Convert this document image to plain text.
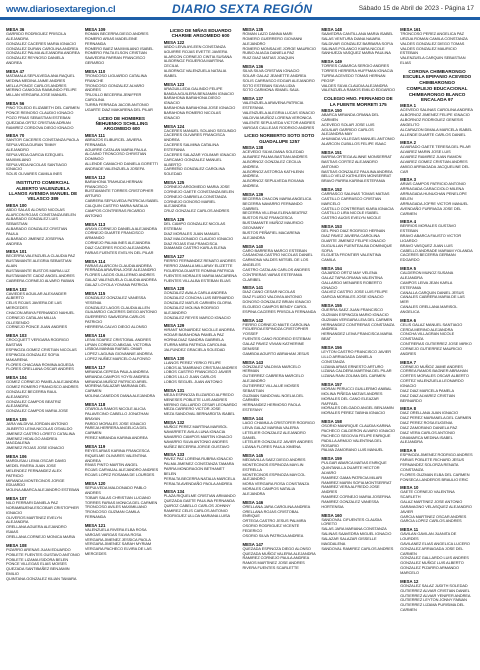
www.diariosextaregion.cl	DIARIO SEXTA REGIÓN	Sábado 15 de Abril de 2023 - Página 17
MESA 36
GARRIDO RODRIGUEZ PRISCILA ALEJANDRA
GONZALEZ CACERES MARIA IGNACIO
GONZALEZ DURAN CAROLINA ANDREA
GONZALEZ PALMA ALEJANDRA ANDREA
GONZALEZ REYNOSO DANIELA ANDREA
MESA 47
MATAMALA SEPULVEDA ANA RAQUEL
MEDINA MEDINA JAIME ANDRES
MELLA PONCE CARLOS ANDRES
MERINO CANIGGIA RAIMUNDO FELIPE
MILLAN VERGARA JOSE MANUEL
MESA 56
PINO TOLEDO ELIZABETH DEL CARMEN
PONCE REINOSO CLAUDIO IGNACIO
POZO FRIAS SEBASTIAN ESTEBAN
QUEZADA ORTIZ CRISTIAN ADRIAN
RAMIREZ CORDOVA DIEGO IGNACIO
MESA 70
SANTOR CACERES CONSTANZA PAOLA
SEPULVEDA DURAN TIMMY ALEJANDRO
SEPULVEDA GARCIA EZEQUIEL MAXIMILIANO
SEPULVEDA NICOLAS SANTIAGO IGNACIO
SOLIS OLIVARES CAMILA INES
INSTITUTO COMERCIAL ALBERTO VALENZUELA LLANOS AVENIDA MANUEL DE VELASCO 389
MESA 100
ABDO SALAS ALONSO NICOLAS
ALARCON ROJAS CONSTANZA BELEN
ALBARADO GONZALEZ LUIS SEBASTIAN
ALBARADO GONZALEZ CRISTIAN PAULA
ALBARADO JIMENEZ JOSEFINA ANDREA
MESA 101
BECERRA VALENZUELA CLAUDIA PAZ
BUSTAMANTE ALEGRIA SEBASTIAN ALAIN
BUSTAMANTE BUSTOS MARIA LUZ
BUSTAMANTE CADIZ ANGEL ANDRES
CABRERA CORNEJO ALVARO FABIAN
MESA 102
CAVIEDES AGUILAR ALEXANDER ALBERTO
CELIS ROJAS JAVIERA DE LAS MERCEDES
CHACON ARAYA FERNANDO NAHUEL
CORNEJO CATALAN MILLIA OLLESENDO
CORNEJO PONCE JUAN ANDRES
MESA 103
CROCQUETT VERGARA RODRIGO BASTIAN
ESPINOZA GOMEZ CRISTIAN NICOLAS
ESPINOZA GONZALEZ SOFIA MAKARENA
FLORES CHACANA ROMINA AGUEDA
FLORES ORELLANA OSCAR ANDRES
MESA 104
GOMEZ CORNEJO PAMELA ALEJANDRA
GOMEZ ROMERO FRANCISCO ANDRES
GONZALEZ BECERRA RAUL ALEJANDRO
GONZALEZ CAMPOS BEATRIZ ALEJANDRA
GONZALEZ CAMPOS MARIA JOSE
MESA 105
JARA VALDIVIA JORDAN ANTONIO
JILBERTO LEIVA NICOLAS OSVALDO
JIMENEZ CASTRO LORETO CATALINA
JIMENEZ HIDALGO ANDREA MAGDALENA
JIMENEZ ROJAS JOSE IGNACIO
MESA 106
MARDUSAU LEMA OSCAR DAVID
MEDEL RIVERA JUAN JOSE
MELENDEZ FERNANDEZ ALEX PATRICIO
MIRANDA MONTECINOS JORGE EDUARDO
MOLINA ABARCA ALEJANDRO ESTEBAN
MESA 107
NILO FERRARI DANIELA PAZ
NORAMBUENA ESCOBAR CRISTOPHER IGNACIO
OLIVEROS MARTINEZ EVELYN ALEJANDRA
ORELLANA AGUERA ALEJANDRO ISAIAS
ORELLANA CORNEJO MONICA MARIA
MESA 108
PIZARRO ARENAS JUAN EDUARDO
POBLETE FUENTES GUSTAVO ANTONIO
POBLETE LIZAMA ISIDORA BELEN
PONCE VILLEGAS ELIAS MOISES
QUEZADA SANTIBAÑEZ BENJAMIN EMILIO
QUINTANA GONZALEZ KILIAN TAMARA
MESA 109
ROMAN BECERRA DIEGO ANDRES
ROMERO ARIAS MADELEINE FERNANDA
ROMERO BAEZ MAXIMILIANO ISABEL
ROMERO PALTA ELSON CRISTIAN
SAAVEDRA PARRAN FRANCISCO GERARDO
MESA 110
TRONCOSO LIGUARDO CATALINA FRANCHE
TRONCOSO GONZALEZ ALVARO ANDRES
TRUJILLO BECERRA JENIFFER CAROLINA
TURRA FERRADA JACOB ANTONIO
UGARTE DIAZ MAKARENA DEL PILAR
LICEO DE HOMBRES ÑEHUENKO SCHILLING ARGOMEDO 600
MESA 111
ABRAZOS ELIBURCEL JAVIERA FERNANDA
AGUIRRE CATALAN MARIA PAULA
ALCAINO TRONCOSO CHRISTIAN DOMINGO
ALLENDE CAMACHO DANIELA GORETTI
ANDRADE VALENZUELA JOSEFA
MESA 112
BARAHONA TRAHUDA HERNAN FRANCISCO
BUSTAMANTE TORRES CRISTOPHER ARTURO
CABRERA SEPULVEDA PATRICIA ISABEL
CALQUIN CASTRO MARIA NATALIA
CAMPOS CONTRERAS RICARDO ANTONIO
MESA 113
ARAYA CORNEJO DANIELA ALEJANDRA
CORNEJO DUARTE FRANCISCO ARMANDO
CORNEJO PALMA INES ALEJANDRA
DIAZ CACERES ROCIO ALEJANDRA
FARIAS FUENTES EVELYN DEL PILAR
MESA 114
FARIAS ALARCON CLAUDIA ANDREA
FERRADA ARAVENA JOSE ALEJANDRO
FLORES LAGOS GUILLERMO ANDRES
GALAZ VALENZUELA CLAUDIA ANDREA
GALAZ LOYOLA YOVANA PATRICIA
MESA 115
GONZALEZ GONZALEZ VANESSA YESENIA
GONZALEZ LAGOS CLAUDIA ALLEN
GUAJARDO CACERES DIEGO ANTONIO
GUERRERO SAAVEDRA CARLOS PATRICIO
HERRERA CALVO DIEGO ALONSO
MESA 116
LEIVA SOAREZ CRISTOBAL ANDRES
LIPIAN CORNEJO ABIGAIL VICTORIA
LISBOA MANNIA RAFAEL OMAR
LOPEZ LAGUNA GIOVANNIE ANDREA
LOPEZ NUÑEZ MARCELO ALFONSO
MESA 117
MIRANDA CEPEDA PAULA ANDREA
MIRANDA CAMPOS YOYSI ANDREA
MIRANDA MUÑOZ PATRICIO ARIEL
MORENA SALAZAR MARIANA DEL CARMEN
MOLINA CANEDOS DIANA ALEJANDRA
MESA 118
OTAROLA RAMOS NICOLE ALICIA
PALAVECINO CABELLO JONATHAN BRAYAN
PARDO MORALES JOSE IGNACIO
PAREJA HERRERA ANGELICA DEL CARMEN
PEREZ MIRANDA KARINA ANDREA
MESA 119
REYES ARIAS KARINA FRANCESCA
RIQUELME OLIVARES VALENTINA ANDREA
RIVAS PINTO MARTIN ANGEL
ROJAS CARVAJAL ALEJANDRO ANDRES
ROJAS LOPEZ ROSAMA DE LOURDES
MESA 120
SEPULVEDA MALDONADO PABLO ANDRES
TOBAR SALAS CHRISTIAN LUCIANO
TORRES FARIAS MONICA DEL CARMEN
TRONCOSO AVILES MAXIMILIANO
TRONCOSO GUZMAN CAMILA FERNANDA
MESA 121
VALENZUELA RIVERA ELBA ROSA
VARGAS VARGAS SILVIA ROSA
VERGARA JIMENEZ JESSICA PAOLA
VERGARA JIMENEZ SARAH MYRIAM
VERGARA PACHECO ELVIRA DE LAS MERCEDES
LICEO DE NIÑAS EDUARDO CHARME ARGOMEDO 600
MESA 122
ABDO LEIVA AYLEEN CONSTANZA
AGUIRRE ROJAS EVETTE JAVIERA
ALARCON CORNEJO CINTIA SUSANA
ALBORNOZ FIGUEROA MARTINA CECILIA
ALBORNOZ VALENZUELA NATALIA ISABEL
MESA 123
ARAGUILLEDA GALINDO FELIPE
BANDA AGUILERA BENJAMIN IGNACIO
BARAHONA BARAHONA DIEGO IGNACIO
BARAHONA BARAHONA JOSE IGNACIO
BARAHONA ROMERO NICOLAS IGNACIO
MESA 124
CACERES MANUEL SOLANO SEGUNDO
CACERES OLIVARES FRANCISCA ANDREA
CACERES SALMINA CATALINA ESTEFANIA
CACERES SALAZAR YOLIMAR IGNACIO
CARCAMO GONZALEZ MANUEL ALBERTO
CARREÑO GONZALEZ CAROLINA SOLEDAD
MESA 125
CORNEJO ARGOMEDO MARIA JOSE
CORNEJO GAETE CONSTANZA BELEN
CORNEJO GABRIELA CONSTANZA
CORNEJO DONOSO MARIEL ALEJANDRA
CRUZ GONZALEZ CARLOS ANDRES
MESA 126
DEL CAMPO GONZALEZ NICOLAS ESTEBAN
DIAZ MORALES JUAN MANUEL
DIAZ MALDONADO CLAUDIO IGNACIO
DIAZ ROJAS EVA FRANCISCA
DIAMANDI CASTRO KARLA ELENA
MESA 127
FIERRO FERNANDEZ RENATO ANDRES
FIERRO ZAMALA MILLARAY ELIZETTE
FIGUEROA DUARTE ROMINA PATRICIA
FUENTES MORALES MARIA MACARENA
FUENTES VILLALBA ESTEBAN ELIAS
MESA 128
GONZALEZ AVALA CARLA ANDREA
GONZALEZ CONCHA LUIS BERNARDO
GONZALEZ MATUS CARMEN GLORIA
GONZALEZ MOLINA RODRIGO ALEJANDRO
GONZALEZ REYES MARCO IGNACIO
MESA 129
HIRANT MONARDEZ NICOLLE ANDREA
HODAR BARAHONA PAMELA PAZ
HORNA DIAZ SANDRA GABRIELA
ITURRA MIRA PATRICIA CAROLINA
JALFUNDEZ GRACIELA SOLEDAD
MESA 130
LLANOS PEREZ YERKO FELIPE
LOBOS ALTAMIRANO CRISTIAN ANDRES
LOBOS CASTRO FRANCISCO JAVIER
LOBOS LILLO JUAN CARLOS
LOBOS SEGUEL JUAN ANTONIO
MESA 131
MEJIA ESPINOZA ELIZARDO ALFREDO
MENESES POBLETE LUIS ANDRES
MERINO GALLARDO CESAR LEONARDO
MEZA CARRERO VICTOR JOSE
MEZA SANDOVAL BERNARDITA ISABEL
MESA 132
MUÑOZ PEREZ MARTINA MARISOL
NAVARRETE AVILA LUNA IGNACIA
NAVARRO CAMPOS MARTIN IGNACIO
NAVARRO SILVA ANTONIO ANDRES
NUÑEZ BECERRA JORGE GUSTAVO
MESA 133
PAVEZ PAZ LORENA RUBRIA IGNACIO
PALMA JIMENEZ CONSTANZA TAMARA
PARRA MONDRAGON BETHANET BELEN
PERALTA BECERRA NATALIA MARCELA
PERALTA AVENDAÑO PAOLA ANDREA
MESA 134
PLAZA RIQUELME CRISTIAN ARMANDO
QUEZADA GAETE PAULINA FERNANDA
QUIROZ CABELLO CARLOS JOHNNY
RAMIREZ CELIS CARLOS ANTONIO
RODRIGUEZ ULLOA MARIANA LUISA
MESA 135
ROMAN LAZO DANNA MARI
ROMERO GUERRERO GIOVANNI ALEJANDRO
ROMERO MONSALVE JORGE MAURICIO
RUBIO ALIAGA DANIELA PAZ
RUIZ DIAZ MATIAS JOAQUIN
MESA 136
SILVA SILVA CRISTIAN IGNACIO
SOLAR GALAZ JEANETTE ANDREA
SOLIS CARRASCO EDGAR ALEJANDRO
SOTO ESTEBAN SILVIA LIDIA
SOTO CARMONA ISMAEL SAUL
MESA 137
VALENZUELA ARAVENA PATRICIA ESTEFANIA
VALENZUELA ALEGRIA LUCAS IGNACIO
VALDIVIA MUÑOZ LORENA VERONICA
VALENTE SEPULVEDA VICTOR ANDRES
VARGAS CALLEJAS RODRIGO ANDRES
LICEO NORBERTO SOTO SOTO GUADALUPE 1257
MESA 138
ACEVEDO SILVA DIANA SOLEDAD
ALBAREZ PALMA BASTIAN ANDRES
ALBORNOZ GONZALEZ CECILIA ANDREA
ALBORNOZ ASTORGA KATHLENN ANDREA
ALBORNOZ SEPULVEDA ROXANA ANDREA
MESA 139
BECERRA CHACON MARIA ANGELICA
BECERRA NAVARRO FERNANDO GABRIEL
BECERRA VILLENA ELENA BEATRIZ
BUSTOS RUIZ FRANCESCA
BUSTAMANTE MUÑOZ MAURICIO GEOVANNY
BUSTOS PEÑAFIEL MACARENA ALEJANDRA
MESA 140
CARO BARRERA MARCO ESTEBAN
CASANOVA CASTRO NICOLAS DANIEL
CARMONA VALDES MITSIEL DE LOS ANGELES
CASTRO CATALAN CARLOS ANDRES
CONTRERAS VARAS ESTEFANIA CLARIBEL
MESA 141
DIAZ CANO CESAR NICOLAS
DIAZ FLUIDO VALDIVIA ANTONIO
DONOSO GONZALEZ BRIAN IGNACIO
ELGUEDO CAMPOS BENDY CAROL
ESPINA CACERES PRISCILA FERNANDA
MESA 142
FIERRO CORNEJO MAITE CAROLINA
FIGUEROA ESPINOZA CRISTOPHER YOSSEF
FUENTES CANO RODRIGO ESTEBAN
GALAZ PAVEZ VIVIAN KATHERINE DENISSE
GAMBOA AGURTO ABRAHAM JESUS
MESA 143
GONZALEZ VALDIVIA MARCELO HERMAN
GUTIERREZ CABRERA MARCELO ALEJANDRO
GUTIERREZ VILLALUE MOISES SEBASTIAN
GUZMAN SANDOVAL NOELIA DEL CARMEN
HERNANDEZ HERMOSO PAOLA ESTEFANY
MESA 144
LAGO CHAMULA CRISTOFER RODRIGO
LEIVA GALAZ MARINA VALERIA
LETELIER GONZALEZ ALEJANDRO DANIEL
LETELIER GONZALEZ JAVIER ANDRES
LIZANA FLORES PAULA XIMENA
MESA 145
MEDIAVILLA SAEZ DIEGO ANDRES
MONTECINOS ESPINOZA MAYLIN ESTRELLA
MONTECINOS ESPINOZA MAYCOL ALEJANDRO
MORA VERGARA ROSA CONSTANZA
MORALES CAMPOS NATALIA ALEJANDRA
MESA 146
ORELLANA JARA CAROLINA ANDREA
ORELLANA ROJAS CRISTOBAL ENRIQUE
ORTEGA CASTRO JESUS PALMIRA
OSORIO RODRIGUEZ VICENTE FEDERICO
OSORIO SILVA PATRICIA ANDREA
MESA 147
QUEZADA ESPINOZA DIEGO ALONSO
QUEZADA MUÑOZ VALERIA ALEJANDRA
RAMIREZ CORNEJO PAULA ANDREA
RAMOS MARTINEZ JOSE ANDRES
RIVERA FUENTES SCARLETTE
MESA 148
SAAVEDRA CANTILLANA MARIA ISABEL
SALAS VENTURA DIANA NAIARA
SALDIVAR GONZALEZ BARBARA SOFIA
SALINAS POLANCO KIARA NICOLE
SANHUEZA VASQUEZ MARIA PAULINA
MESA 149
TORRES CABARCA SERGIO ANDRES
TORRES HERRERA HUFFMAN IGNACIA
TURRA ACEVEDO TOMAS HERNAN PEGSP
VALDES SILVA CLAUDIA ALEJANDRA
VALENZUELA RAMOS EMILIO EDGARDO
COLEGIO HNO. FERNANDO DE LA FUENTE MORRETI 175
MESA 150
ABARCA MIRANDA ORIANA DEL CARMEN
ACEVEDO SOLAR JOSE LUIS
AGUILAR GARRIDO CARLOS ALEJANDRA MAY
AHUMADA VILLEGAS MANUEL ANTONIO
ALARCON CUBILLOS FELIPE ISAAC
MESA 151
BARRIA ORTEGA ALINNE MONSERRAT
BASTIAS CORTEZ ALEJANDRO ANTONIO
BASTIAS GONZALEZ PAULINA ANDREA
BELLO VELIZ KATHLEEN MONSERRAT
BRAVO PARRA KARINA ESTEFANIA
MESA 152
CARRASCO SALINAS TOMAS MATIAS
CASTILLO CARRASCO CRISTIAN MARCELO
CASTILLO CONTRERAS KIARA IGNACIA
CASTILLO LIRA NICOLE ISABEL
CASTRO AUGIS EVELYN NICOLE
MESA 153
DEL PINO DIAZ RODRIGO HERNAN
DIAZ PAVEZ JAVIERA CAROLINA
DUARTE JIMENEZ FELIPE IGNACIO
DUGUILLAN FUENTEALBA DOMINIQUE SOFIA
ELGUETA FRONTIER VALENTINA CAMILA
MESA 154
GAJARDO ORTIZ MAY VELENA
GALAZ TAPIA ORIANA VALENTINA
GALLARDO MENARES ROBERTO IGNACIO
GALVEZ CASTRO JOSE LUIS FELIPE
GARCIA MORALES JOSE IGNACIO
MESA 155
GUERRA SAEZ JUAN FRANCISCO
GUZMAN ESPINOZA MARIO IGNACIO
GUZMAN VERGARA LEIA DEL CARMEN
HERNANDEZ CONTRERAS CONSTANZA ANDREA
HERNANDEZ LEIVA FRANCISCA MARIA BEAT
MESA 156
LEYTON CASTRO FRANCISCO JAVIER
LILLO ARRIAGADA DANIELA CONSTANZA
LIZAMA ARIAS ERNESTO ARTURO
LIZANA CALDERA MARTINA DEL PILAR
LIZANA RAIN ZOLIMA DEL CARMEN
MESA 157
MORAN PERUCCI GUILLERMO ANIBAL
MOLINA PIÑEDA MATIAS ANDRES
MORALES DEL CANO ELEAZAR RAFFAEL
MORALES DELGADO ANGEL BENJAMIN
MORALES PEREZ TABIHA IGNACIO
MESA 158
OSORIO MANRIQUE CLAUDIA KARINA
PACHECO CALDERON ALVARO IGNACIO
PACHECO SEGOVIA FELIPE ENRIQUE
PADILLA ARMIJO VALENTINA DEL ROSARIO
PALMA ZAMORANO LUIS MANUEL
MESA 159
PULGAR ABARCA MATIAS ENRIQUE
QUINTANILLA DUARTE HECTOR ALVARO
RAMIREZ GAMA PATRICIA MILARI
RAMIREZ MARIN SOFIA MONTSERRAT
RAMIREZ VERA ALFREDO JOSE ANDRES
RAMIREZ CORNEJO MARIA JOSEFINA
RAMIREZ GONZALEZ VANESSA HORTENSIA
MESA 160
SANDOVAL CIFUENTES CLAUDIA LORETO
SALAS JARA MARIANA CONSTANZA
SALINAS SAAVEDRA MIGUEL IGNACIO
SALAZAR SALAZAR GISSELLE MAGDALENA
SANDOVAL RAMIREZ CARLOS ANDRES
MESA 161
TRONCOSO PEREZ ANGELICA PAZ
URZUA ROMAN CAMILA CONSTANZA
VALDES GONZALEZ DIEGO TOMAS
VALDES GONZALEZ MAURICIO ESTEBAN
VALENZUELA CARQUIN SEBASTIAN ELIAS
CORONA CHIMBARONGO ESCUELA EPIFANIO ACEVEDO CHIMBARONGO
COMPLEJO EDUCACIONAL CHIMBARONGO BLANCO ENCALADA 97
MESA 1
ACEVEDO SALINAS CAROLINA ANDREA
ALBORNOZ JIMENEZ FELIPE IGNACIO
ALBORNOZ RODRIGUEZ GENESIS ANGELITO
ALCARAZON DIMALA MARCELA ISABEL
ALLENDE DUARTE CARLOS DANIEL
MESA 2
ALVARADO GAETE TERESA DEL PILAR
ALVAREZ MARIN JOSE LUIS
ALVAREZ RAMIREZ JUAN RAMON
ALVAREZ GOMEZ CRISTIAN ANDRES
AMIGO ARRIAGADA JACQUELINE DEL CAR
MESA 3
ARIAS CAMPOS PATRICIO ANTONIO
ARRIAGADA CARACCIOLO MILENA
ARRIAGADA HUNUCHAN PENELOPE BELEN
ARRIAGADA JOFRE VICTOR MANUEL
AVENDAÑO FURRIAGA JOSE DEL CARMEN
MESA 4
BERRIOS MORALES GUSTAVO ESTEBAN
BRAVO ABARCA FAUSTO VICTOR LIGARDO
BRAVO VASQUEZ JUAN LUIS
CABELLO ANDRADE MARIAM YOLANDA
CACERES BECERRA GERMAN EDGARDO
MESA 5
CALDERON MUNOZ SUSANA ALEJANDRA
CAMPOS LEIVA JEAN KARLA ESTEFANIA
CANALLA CARQUIN DANIEL JESUS
CANALES CABRERA MARIA DE LAS MER
CANALES ORELLANA MARISOL ANGELICA
MESA 6
CELIS GALAZ MANUEL SANTIAGO
CERDA MERINO ALEJANDRA
CONCHA VILLAGRAN NICOLE CONSTANZA
CONTRERAS GUTIERREZ JOSE MIRKO
CORNEJO GUTIERREZ MAURICIO ANDRES
MESA 7
CORNEJO MUÑOZ JAIME ANDRES
CORREA RAMOS BAGNER ABRAHAN
CORTES MORALES OSCAR ALBERTO
CORTEZ VALENZUELA LEONARDO IGNACIO
DIAZ DIAZ MARCELA PAMELA
DIAZ DIAZ ALVAREZ CRISTIAN BERNARDO
MESA 8
DIAZ ORELLANA JUAN IGNACIO
DIAZ PEREZ MARIANELA DEL CARMEN
DIAZ PEREZ ROSA EUGENIA
DIAZ ZAMORANO DANIELA PAZ
DIAZ VERA CARLOS ANTONIO
DINAMARCA MEDINA ISABEL ALEJANDRA
MESA 9
ESPINOZA JIMENEZ RODRIGO ANDRES
FARIAS POBLETE RICHARD JESUS
FERNANDEZ SOLORZA RENATA CONSTANZA
FLORES GUZMAN ELBA DEL CARMEN
FONSECA LANDEROS BRAULIO ERIC
MESA 10
GAETE CORNEJO VALENTINA SCARLETH
GALAZ MARTINEZ JOSE ANTONIO
GARAVAGNO VELASQUEZ ALEJANDRO JAVIER
GARCIA MARTINEZ OSCAR ANDRES
GARCIA LOPEZ CARLOS ANDRES
MESA 11
GAVILAN GAVILAN JUANITA DE LOURDES
GAVILANEZ ELIAS ANGELICA LUCERO
GONZALEZ ARRIAGADA JOSE DEL CARMEN
GONZALEZ GALLARDO LUIS ANDRES
GONZALEZ MUÑOZ LUIS ALBERTO
GONZALEZ PIZARRO ARMANDO MARCELO
MESA 12
GONZALEZ SALAZ JUDITH SOLEDAD
GUTIERREZ ALVIAR CRISTIAN DANIEL
GUTIERREZ ALVIAR YENIFER ANDREA
GUTIERREZ LEYTON JONNY FABIAN
GUTIERREZ LIZAMA PURISIMA DEL CARMEN
